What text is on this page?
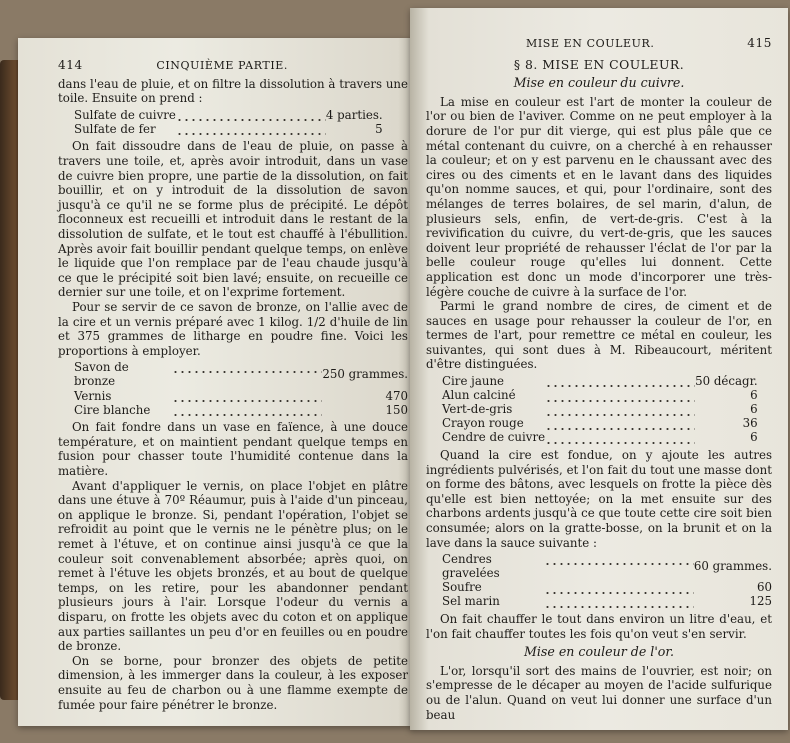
414	CINQUIÈME PARTIE.

dans l'eau de pluie, et on filtre la dissolution à travers une toile. Ensuite on prend :

Sulfate de cuivre		4 parties.
Sulfate de fer		5

On fait dissoudre dans de l'eau de pluie, on passe à travers une toile, et, après avoir introduit, dans un vase de cuivre bien propre, une partie de la dissolution, on fait bouillir, et on y introduit de la dissolution de savon jusqu'à ce qu'il ne se forme plus de précipité. Le dépôt floconneux est recueilli et introduit dans le restant de la dissolution de sulfate, et le tout est chauffé à l'ébullition. Après avoir fait bouillir pendant quelque temps, on enlève le liquide que l'on remplace par de l'eau chaude jusqu'à ce que le précipité soit bien lavé; ensuite, on recueille ce dernier sur une toile, et on l'exprime fortement.

Pour se servir de ce savon de bronze, on l'allie avec de la cire et un vernis préparé avec 1 kilog. 1/2 d'huile de lin et 375 grammes de litharge en poudre fine. Voici les proportions à employer.

Savon de bronze		250 grammes.
Vernis		470
Cire blanche		150

On fait fondre dans un vase en faïence, à une douce température, et on maintient pendant quelque temps en fusion pour chasser toute l'humidité contenue dans la matière.

Avant d'appliquer le vernis, on place l'objet en plâtre dans une étuve à 70º Réaumur, puis à l'aide d'un pinceau, on applique le bronze. Si, pendant l'opération, l'objet se refroidit au point que le vernis ne le pénètre plus; on le remet à l'étuve, et on continue ainsi jusqu'à ce que la couleur soit convenablement absorbée; après quoi, on remet à l'étuve les objets bronzés, et au bout de quelque temps, on les retire, pour les abandonner pendant plusieurs jours à l'air. Lorsque l'odeur du vernis a disparu, on frotte les objets avec du coton et on applique aux parties saillantes un peu d'or en feuilles ou en poudre de bronze.

On se borne, pour bronzer des objets de petite dimension, à les immerger dans la couleur, à les exposer ensuite au feu de charbon ou à une flamme exempte de fumée pour faire pénétrer le bronze.

MISE EN COULEUR.	415
§ 8. MISE EN COULEUR.
Mise en couleur du cuivre.

La mise en couleur est l'art de monter la couleur de l'or ou bien de l'aviver. Comme on ne peut employer à la dorure de l'or pur dit vierge, qui est plus pâle que ce métal contenant du cuivre, on a cherché à en rehausser la couleur; et on y est parvenu en le chaussant avec des cires ou des ciments et en le lavant dans des liquides qu'on nomme sauces, et qui, pour l'ordinaire, sont des mélanges de terres bolaires, de sel marin, d'alun, de plusieurs sels, enfin, de vert-de-gris. C'est à la revivification du cuivre, du vert-de-gris, que les sauces doivent leur propriété de rehausser l'éclat de l'or par la belle couleur rouge qu'elles lui donnent. Cette application est donc un mode d'incorporer une très-légère couche de cuivre à la surface de l'or.

Parmi le grand nombre de cires, de ciment et de sauces en usage pour rehausser la couleur de l'or, en termes de l'art, pour remettre ce métal en couleur, les suivantes, qui sont dues à M. Ribeaucourt, méritent d'être distinguées.

Cire jaune		50 décagr.
Alun calciné		6
Vert-de-gris		6
Crayon rouge		36
Cendre de cuivre		6

Quand la cire est fondue, on y ajoute les autres ingrédients pulvérisés, et l'on fait du tout une masse dont on forme des bâtons, avec lesquels on frotte la pièce dès qu'elle est bien nettoyée; on la met ensuite sur des charbons ardents jusqu'à ce que toute cette cire soit bien consumée; alors on la gratte-bosse, on la brunit et on la lave dans la sauce suivante :

Cendres gravelées		60 grammes.
Soufre		60
Sel marin		125

On fait chauffer le tout dans environ un litre d'eau, et l'on fait chauffer toutes les fois qu'on veut s'en servir.

Mise en couleur de l'or.

L'or, lorsqu'il sort des mains de l'ouvrier, est noir; on s'empresse de le décaper au moyen de l'acide sulfurique ou de l'alun. Quand on veut lui donner une surface d'un beau
